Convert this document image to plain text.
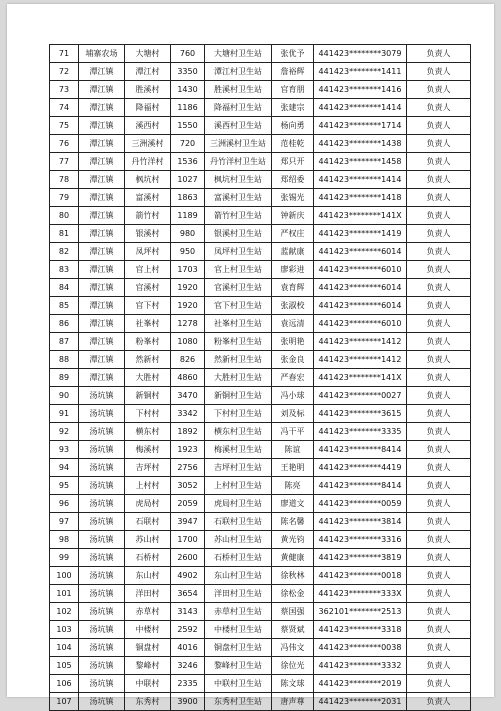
71	埔寨农场	大塘村	760	大塘村卫生站	张优予	441423********3079	负责人
72	潭江镇	潭江村	3350	潭江村卫生站	詹裕辉	441423********1411	负责人
73	潭江镇	胜溪村	1430	胜溪村卫生站	官育朋	441423********1416	负责人
74	潭江镇	降福村	1186	降福村卫生站	张建宗	441423********1414	负责人
75	潭江镇	溪西村	1550	溪西村卫生站	杨向勇	441423********1714	负责人
76	潭江镇	三洲溪村	720	三洲溪村卫生站	范桂乾	441423********1438	负责人
77	潭江镇	丹竹洋村	1536	丹竹洋村卫生站	郑只开	441423********1458	负责人
78	潭江镇	枫坑村	1027	枫坑村卫生站	郑绍委	441423********1414	负责人
79	潭江镇	富溪村	1863	富溪村卫生站	张锡光	441423********1418	负责人
80	潭江镇	箭竹村	1189	箭竹村卫生站	钟新庆	441423********141X	负责人
81	潭江镇	银溪村	980	银溪村卫生站	严权庄	441423********1419	负责人
82	潭江镇	凤坪村	950	凤坪村卫生站	蓝献康	441423********6014	负责人
83	潭江镇	官上村	1703	官上村卫生站	廖彩进	441423********6010	负责人
84	潭江镇	官溪村	1920	官溪村卫生站	袁育辉	441423********6014	负责人
85	潭江镇	官下村	1920	官下村卫生站	张淑校	441423********6014	负责人
86	潭江镇	社峯村	1278	社峯村卫生站	袁远清	441423********6010	负责人
87	潭江镇	粉峯村	1080	粉峯村卫生站	张明艳	441423********1412	负责人
88	潭江镇	然新村	826	然新村卫生站	张金良	441423********1412	负责人
89	潭江镇	大胜村	4860	大胜村卫生站	严春宏	441423********141X	负责人
90	汤坑镇	新铜村	3470	新铜村卫生站	冯小球	441423********0027	负责人
91	汤坑镇	下村村	3342	下村村卫生站	刘及标	441423********3615	负责人
92	汤坑镇	横东村	1892	横东村卫生站	冯干平	441423********3335	负责人
93	汤坑镇	梅溪村	1923	梅溪村卫生站	陈谊	441423********8414	负责人
94	汤坑镇	吉坪村	2756	吉坪村卫生站	王艳明	441423********4419	负责人
95	汤坑镇	上村村	3052	上村村卫生站	陈亮	441423********8414	负责人
96	汤坑镇	虎局村	2059	虎局村卫生站	廖道文	441423********0059	负责人
97	汤坑镇	石联村	3947	石联村卫生站	陈名馨	441423********3814	负责人
98	汤坑镇	苏山村	1700	苏山村卫生站	黄光钧	441423********3316	负责人
99	汤坑镇	石桥村	2600	石桥村卫生站	黄健康	441423********3819	负责人
100	汤坑镇	东山村	4902	东山村卫生站	徐秋林	441423********0018	负责人
101	汤坑镇	洋田村	3654	洋田村卫生站	徐松金	441423********333X	负责人
102	汤坑镇	赤草村	3143	赤草村卫生站	蔡国强	362101********2513	负责人
103	汤坑镇	中楼村	2592	中楼村卫生站	蔡贤斌	441423********3318	负责人
104	汤坑镇	铜盘村	4016	铜盘村卫生站	冯伟文	441423********0038	负责人
105	汤坑镇	黎峰村	3246	黎峰村卫生站	徐位光	441423********3332	负责人
106	汤坑镇	中联村	2335	中联村卫生站	陈文球	441423********2019	负责人
107	汤坑镇	东秀村	3900	东秀村卫生站	唐声尊	441423********2031	负责人
